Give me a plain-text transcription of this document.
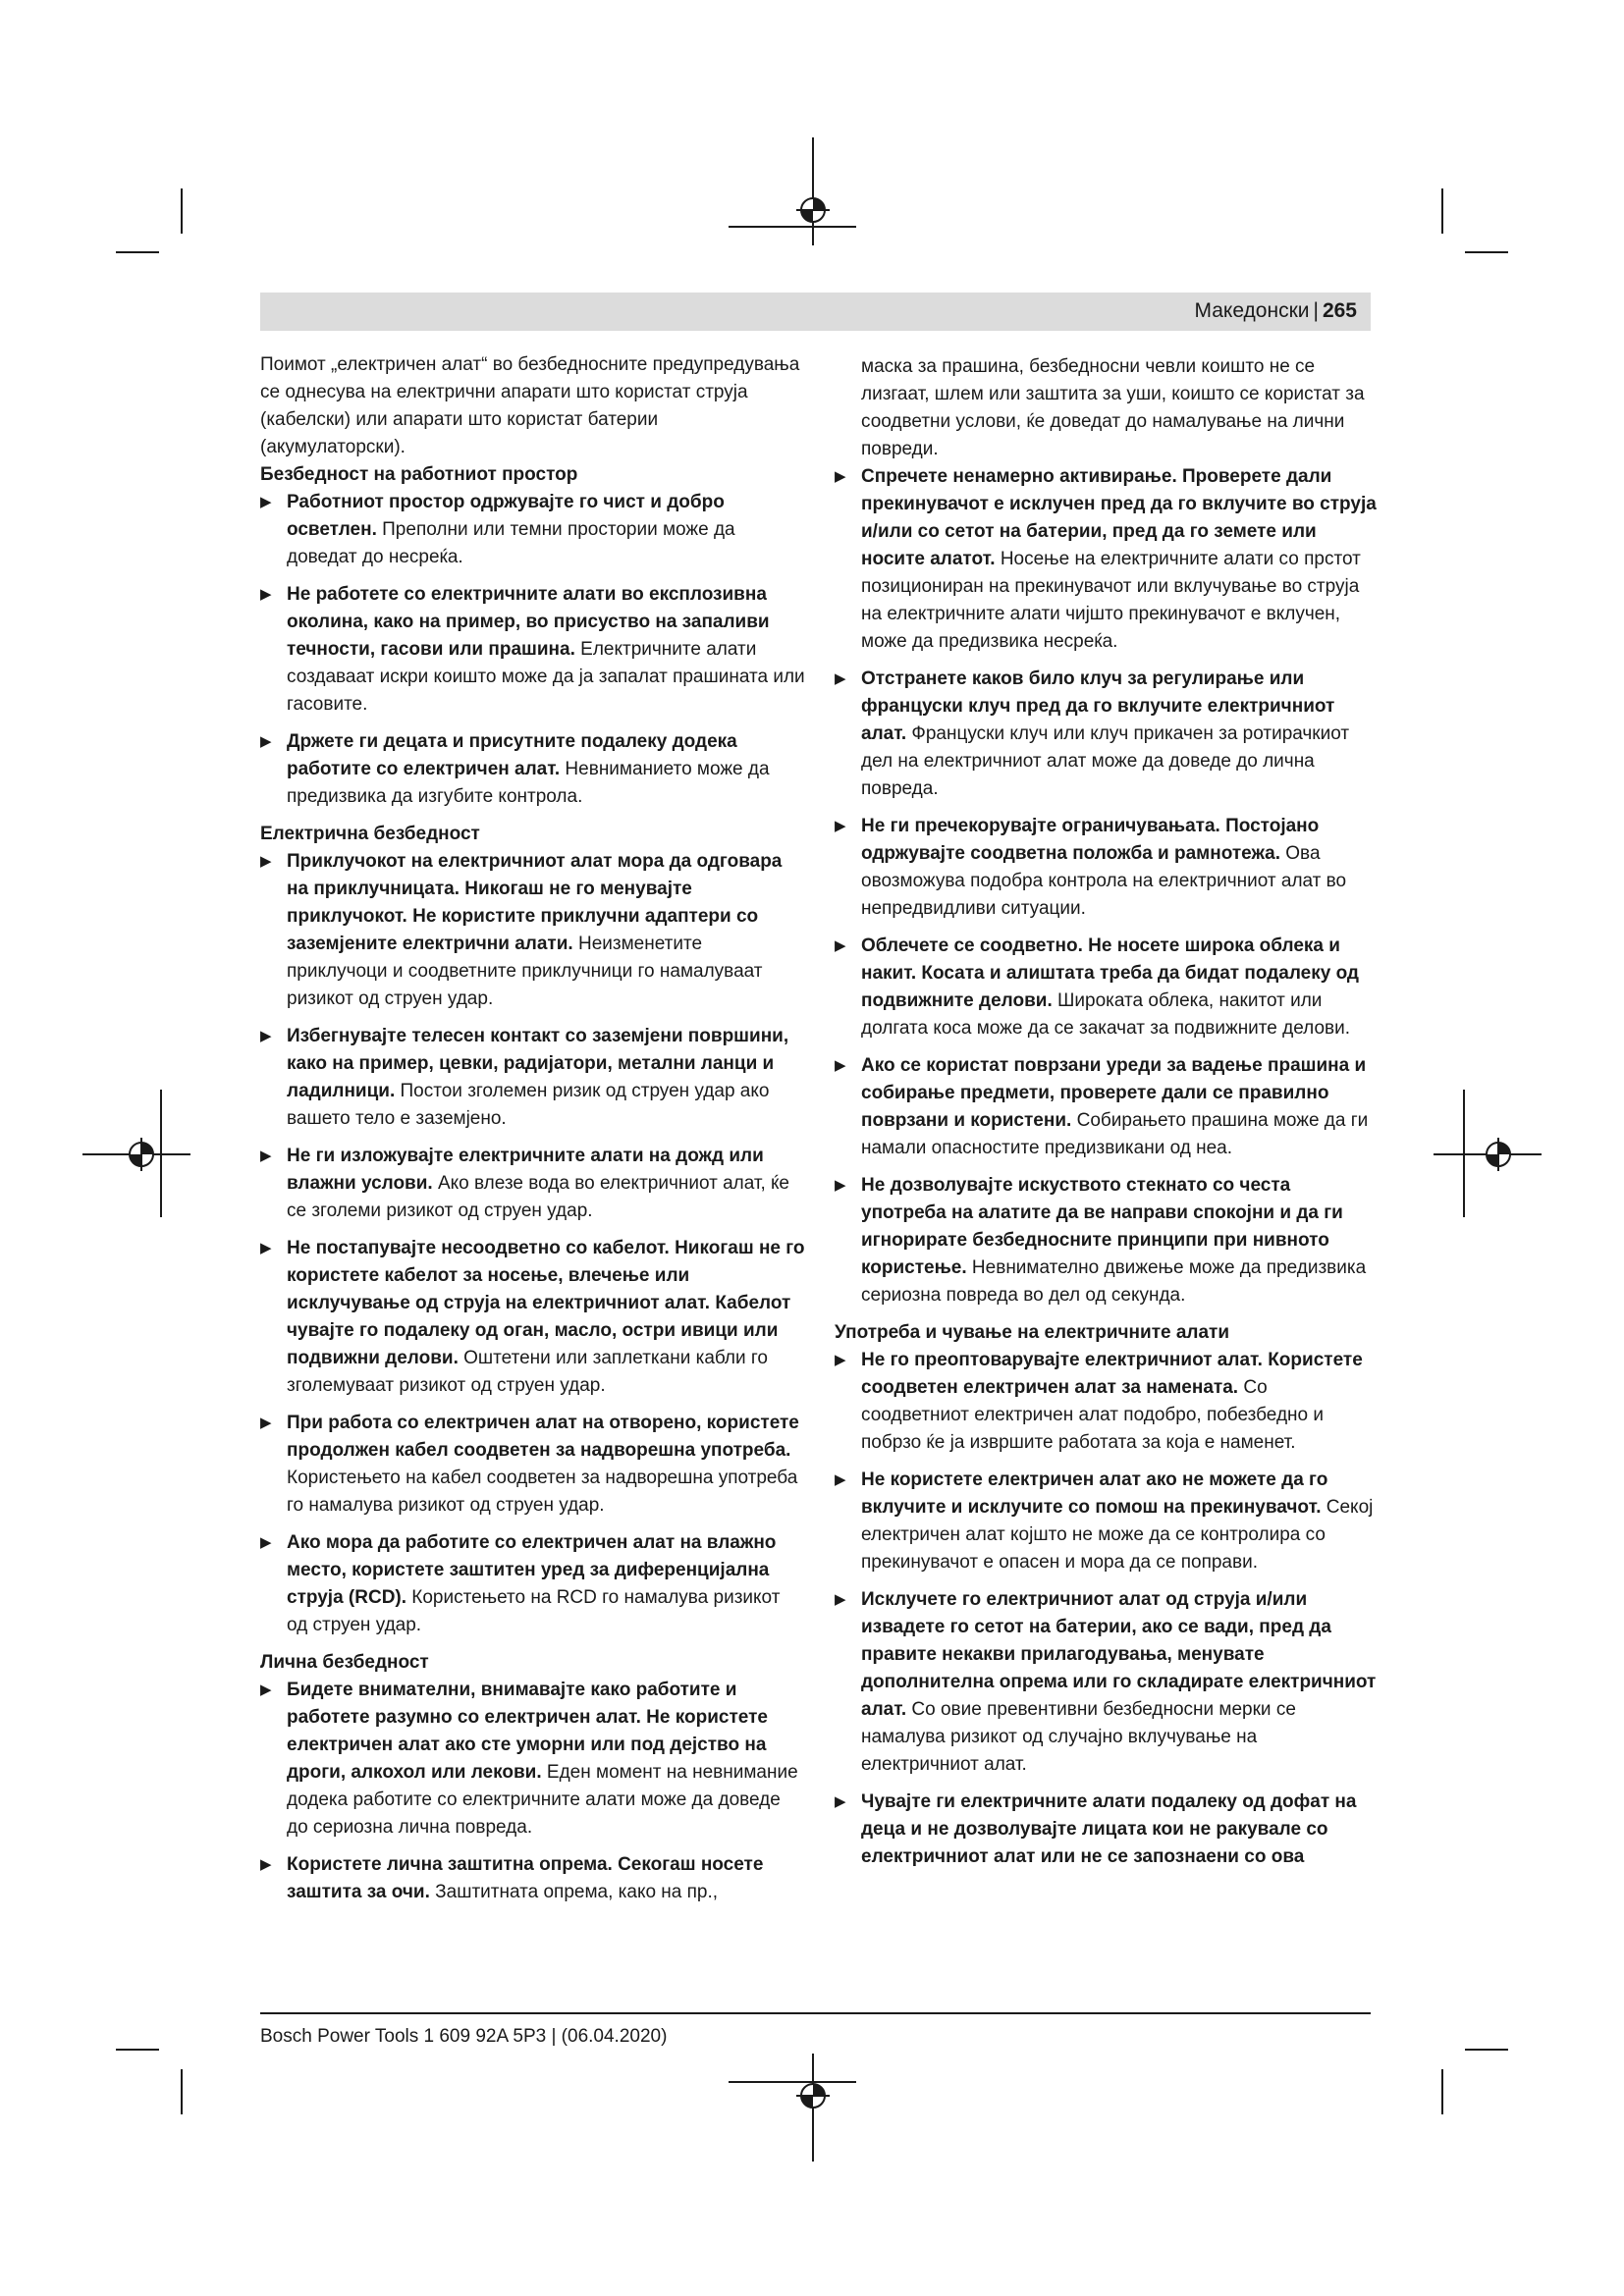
Македонски | 265

Поимот „електричен алат“ во безбедносните предупредувања се однесува на електрични апарати што користат струја (кабелски) или апарати што користат батерии (акумулаторски).

Безбедност на работниот простор

▶ Работниот простор одржувајте го чист и добро осветлен. Преполни или темни простории може да доведат до несреќа.
▶ Не работете со електричните алати во експлозивна околина, како на пример, во присуство на запаливи течности, гасови или прашина. Електричните алати создаваат искри коишто може да ја запалат прашината или гасовите.
▶ Држете ги децата и присутните подалеку додека работите со електричен алат. Невниманието може да предизвика да изгубите контрола.

Електрична безбедност

▶ Приклучокот на електричниот алат мора да одговара на приклучницата. Никогаш не го менувајте приклучокот. Не користите приклучни адаптери со заземјените електрични алати. Неизменетите приклучоци и соодветните приклучници го намалуваат ризикот од струен удар.
▶ Избегнувајте телесен контакт со заземјени површини, како на пример, цевки, радијатори, метални ланци и ладилници. Постои зголемен ризик од струен удар ако вашето тело е заземјено.
▶ Не ги изложувајте електричните алати на дожд или влажни услови. Ако влезе вода во електричниот алат, ќе се зголеми ризикот од струен удар.
▶ Не постапувајте несоодветно со кабелот. Никогаш не го користете кабелот за носење, влечење или исклучување од струја на електричниот алат. Кабелот чувајте го подалеку од оган, масло, остри ивици или подвижни делови. Оштетени или заплеткани кабли го зголемуваат ризикот од струен удар.
▶ При работа со електричен алат на отворено, користете продолжен кабел соодветен за надворешна употреба. Користењето на кабел соодветен за надворешна употреба го намалува ризикот од струен удар.
▶ Ако мора да работите со електричен алат на влажно место, користете заштитен уред за диференцијална струја (RCD). Користењето на RCD го намалува ризикот од струен удар.

Лична безбедност

▶ Бидете внимателни, внимавајте како работите и работете разумно со електричен алат. Не користете електричен алат ако сте уморни или под дејство на дроги, алкохол или лекови. Еден момент на невнимание додека работите со електричните алати може да доведе до сериозна лична повреда.
▶ Користете лична заштитна опрема. Секогаш носете заштита за очи. Заштитната опрема, како на пр.,

маска за прашина, безбедносни чевли коишто не се лизгаат, шлем или заштита за уши, коишто се користат за соодветни услови, ќе доведат до намалување на лични повреди.

▶ Спречете ненамерно активирање. Проверете дали прекинувачот е исклучен пред да го вклучите во струја и/или со сетот на батерии, пред да го земете или носите алатот. Носење на електричните алати со прстот позициониран на прекинувачот или вклучување во струја на електричните алати чијшто прекинувачот е вклучен, може да предизвика несреќа.
▶ Отстранете каков било клуч за регулирање или француски клуч пред да го вклучите електричниот алат. Француски клуч или клуч прикачен за ротирачкиот дел на електричниот алат може да доведе до лична повреда.
▶ Не ги пречекорувајте ограничувањата. Постојано одржувајте соодветна положба и рамнотежа. Ова овозможува подобра контрола на електричниот алат во непредвидливи ситуации.
▶ Облечете се соодветно. Не носете широка облека и накит. Косата и алиштата треба да бидат подалеку од подвижните делови. Широката облека, накитот или долгата коса може да се закачат за подвижните делови.
▶ Ако се користат поврзани уреди за вадење прашина и собирање предмети, проверете дали се правилно поврзани и користени. Собирањето прашина може да ги намали опасностите предизвикани од неа.
▶ Не дозволувајте искуството стекнато со честа употреба на алатите да ве направи спокојни и да ги игнорирате безбедносните принципи при нивното користење. Невнимателно движење може да предизвика сериозна повреда во дел од секунда.

Употреба и чување на електричните алати

▶ Не го преоптоварувајте електричниот алат. Користете соодветен електричен алат за намената. Со соодветниот електричен алат подобро, побезбедно и побрзо ќе ја извршите работата за која е наменет.
▶ Не користете електричен алат ако не можете да го вклучите и исклучите со помош на прекинувачот. Секој електричен алат којшто не може да се контролира со прекинувачот е опасен и мора да се поправи.
▶ Исклучете го електричниот алат од струја и/или извадете го сетот на батерии, ако се вади, пред да правите некакви прилагодувања, менувате дополнителна опрема или го складирате електричниот алат. Со овие превентивни безбедносни мерки се намалува ризикот од случајно вклучување на електричниот алат.
▶ Чувајте ги електричните алати подалеку од дофат на деца и не дозволувајте лицата кои не ракувале со електричниот алат или не се запознаени со ова
Bosch Power Tools 1 609 92A 5P3 | (06.04.2020)
